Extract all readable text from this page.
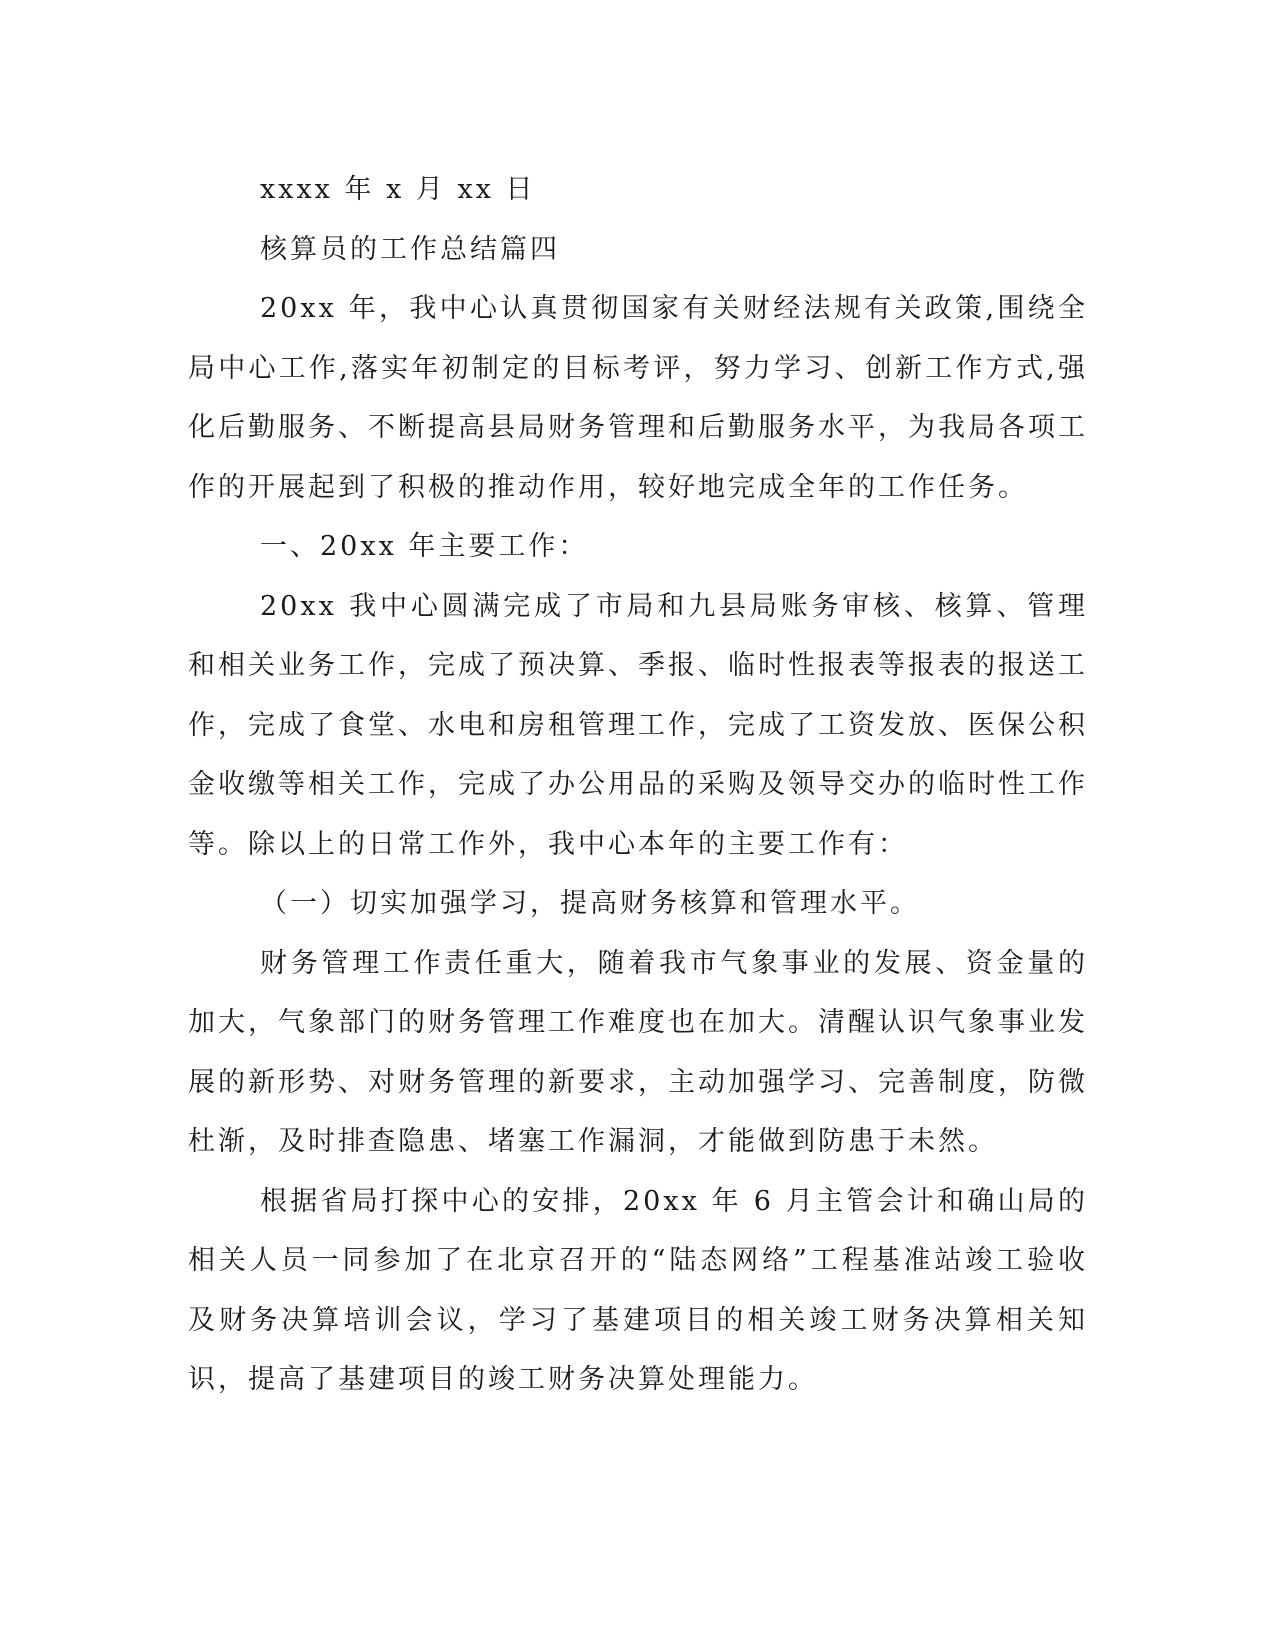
xxxx 年 x 月 xx 日

核算员的工作总结篇四

20xx 年，我中心认真贯彻国家有关财经法规有关政策,围绕全局中心工作,落实年初制定的目标考评，努力学习、创新工作方式,强化后勤服务、不断提高县局财务管理和后勤服务水平，为我局各项工作的开展起到了积极的推动作用，较好地完成全年的工作任务。

一、20xx 年主要工作：

20xx 我中心圆满完成了市局和九县局账务审核、核算、管理和相关业务工作，完成了预决算、季报、临时性报表等报表的报送工作，完成了食堂、水电和房租管理工作，完成了工资发放、医保公积金收缴等相关工作，完成了办公用品的采购及领导交办的临时性工作等。除以上的日常工作外，我中心本年的主要工作有：

（一）切实加强学习，提高财务核算和管理水平。

财务管理工作责任重大，随着我市气象事业的发展、资金量的加大，气象部门的财务管理工作难度也在加大。清醒认识气象事业发展的新形势、对财务管理的新要求，主动加强学习、完善制度，防微杜渐，及时排查隐患、堵塞工作漏洞，才能做到防患于未然。

根据省局打探中心的安排，20xx 年 6 月主管会计和确山局的相关人员一同参加了在北京召开的“陆态网络”工程基准站竣工验收及财务决算培训会议，学习了基建项目的相关竣工财务决算相关知识，提高了基建项目的竣工财务决算处理能力。
